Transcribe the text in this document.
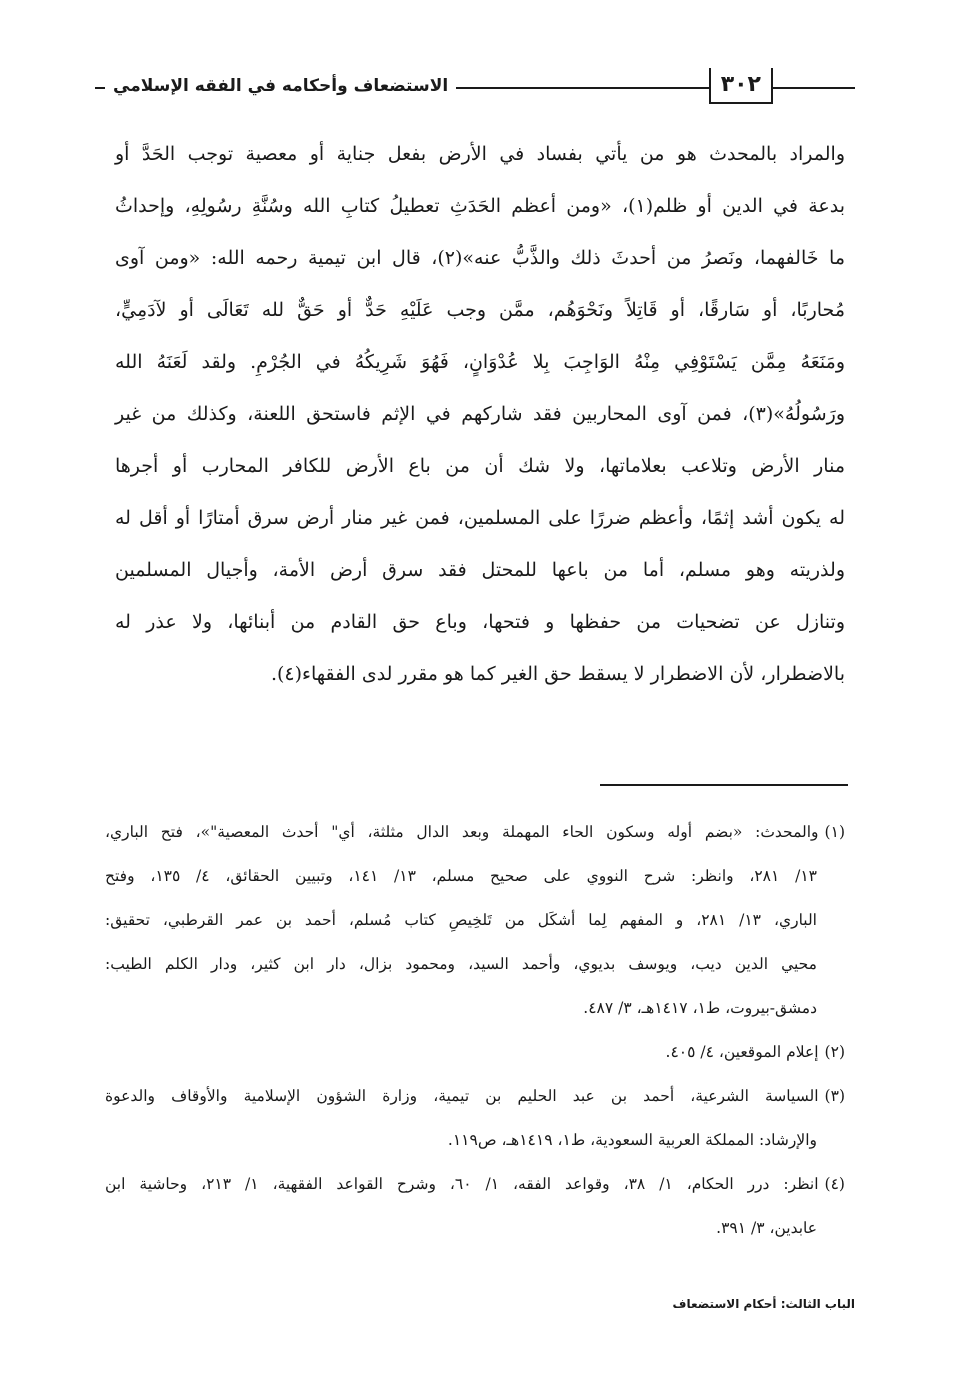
٣٠٢
الاستضعاف وأحكامه في الفقه الإسلامي
والمراد بالمحدث هو من يأتي بفساد في الأرض بفعل جناية أو معصية توجب الحَدَّ أو
بدعة في الدين أو ظلم(١)، «ومن أعظم الحَدَثِ تعطيلُ كتابِ الله وسُنَّةِ رسُولِهِ، وإحداثُ
ما خَالفهما، ونَصرُ من أحدثَ ذلك والذَّبُّ عنه»(٢)، قال ابن تيمية رحمه الله: «ومن آوى
مُحاربًا، أو سَارقًا، أو قَاتِلاً ونَحْوَهُم، ممَّن وجب عَلَيْهِ حَدٌّ أو حَقٌّ لله تَعَالَى أو لآدَمِيٍّ،
ومَنَعَهُ مِمَّن يَسْتَوْفِي مِنْهُ الوَاجِبَ بِلا عُدْوَانٍ، فَهُوَ شَرِيكُهُ في الجُرْمِ. ولقد لَعَنَهُ الله
ورَسُولُهُ»(٣)، فمن آوى المحاربين فقد شاركهم في الإثم فاستحق اللعنة، وكذلك من غير
منار الأرض وتلاعب بعلاماتها، ولا شك أن من باع الأرض للكافر المحارب أو أجرها
له يكون أشد إثمًا، وأعظم ضررًا على المسلمين، فمن غير منار أرض سرق أمتارًا أو أقل له
ولذريته وهو مسلم، أما من باعها للمحتل فقد سرق أرض الأمة، وأجيال المسلمين
وتنازل عن تضحيات من حفظها و فتحها، وباع حق القادم من أبنائها، ولا عذر له
بالاضطرار، لأن الاضطرار لا يسقط حق الغير كما هو مقرر لدى الفقهاء(٤).
(١)والمحدث: «بضم أوله وسكون الحاء المهملة وبعد الدال مثلثة، أي" أحدث المعصية"»، فتح الباري،
١٣/ ٢٨١، وانظر: شرح النووي على صحيح مسلم، ١٣/ ١٤١، وتبيين الحقائق، ٤/ ١٣٥، وفتح
الباري، ١٣/ ٢٨١، و المفهم لِما أشكَل من تَلخِيصِ كتاب مُسلم، أحمد بن عمر القرطبي، تحقيق:
محيي الدين ديب، ويوسف بديوي، وأحمد السيد، ومحمود بزال، دار ابن كثير، ودار الكلم الطيب:
دمشق-بيروت، ط١، ١٤١٧هـ، ٣/ ٤٨٧.
(٢)إعلام الموقعين، ٤/ ٤٠٥.
(٣)السياسة الشرعية، أحمد بن عبد الحليم بن تيمية، وزارة الشؤون الإسلامية والأوقاف والدعوة
والإرشاد: المملكة العربية السعودية، ط١، ١٤١٩هـ، ص١١٩.
(٤)انظر: درر الحكام، ١/ ٣٨، وقواعد الفقه، ١/ ٦٠، وشرح القواعد الفقهية، ١/ ٢١٣، وحاشية ابن
عابدين، ٣/ ٣٩١.
الباب الثالث: أحكام الاستضعاف
